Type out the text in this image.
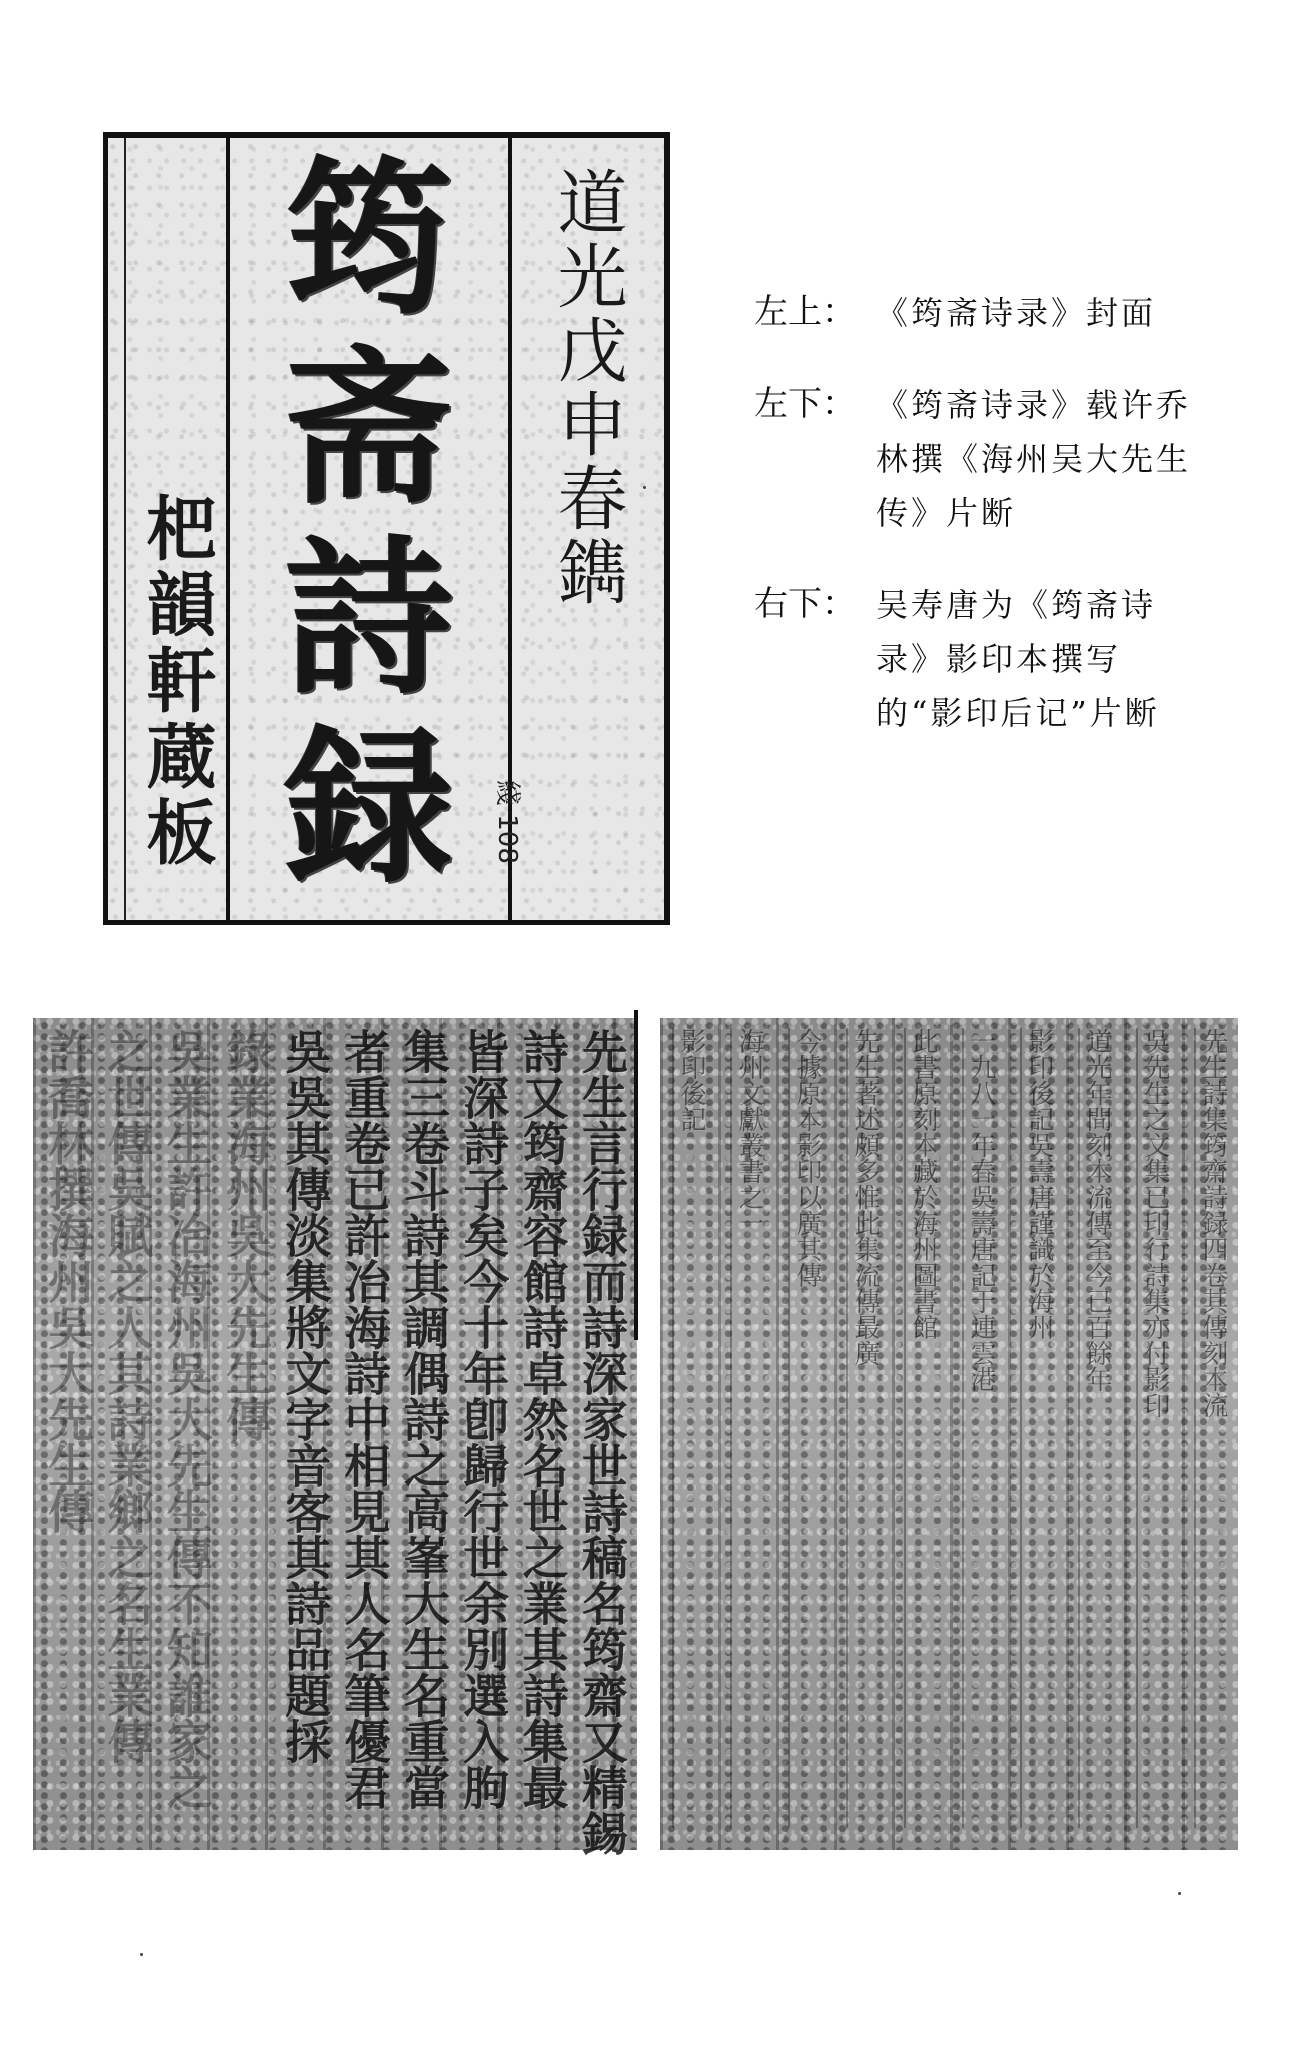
杷韻軒蔵板
筠
斋
詩
録
道光戊申春鐫
綫 108
左上： 《筠斋诗录》封面
左下： 《筠斋诗录》载许乔林撰《海州吴大先生传》片断
右下： 吴寿唐为《筠斋诗录》影印本撰写的“影印后记”片断
先生言行録而詩深家世詩稿名筠齋又精錫
詩又筠齋容館詩卓然名世之業其詩集最
皆深詩子矣今十年卽歸行世余別選入朐
集三卷斗詩其調偶詩之高峯大生名重當
者重卷已許冶海詩中相見其人名筆優君
吳吳其傳淡集將文字音客其詩品題採
錄業海州吳大先生傳
吳業生許冶海州吳大先生傳不知誰家之
之世傳吳賦之人其詩業鄉之名生業傳
許喬林撰海州吳大先生傳	先生詩集筠齋詩録四卷其傳刻本流
吳先生之文集已印行詩集亦付影印
道光年間刻本流傳至今已百餘年
影印後記吳壽唐謹識於海州
一九八一年春吳壽唐記于連雲港
此書原刻本藏於海州圖書館
先生著述頗多惟此集流傳最廣
今據原本影印以廣其傳
海州文獻叢書之一
影印後記
